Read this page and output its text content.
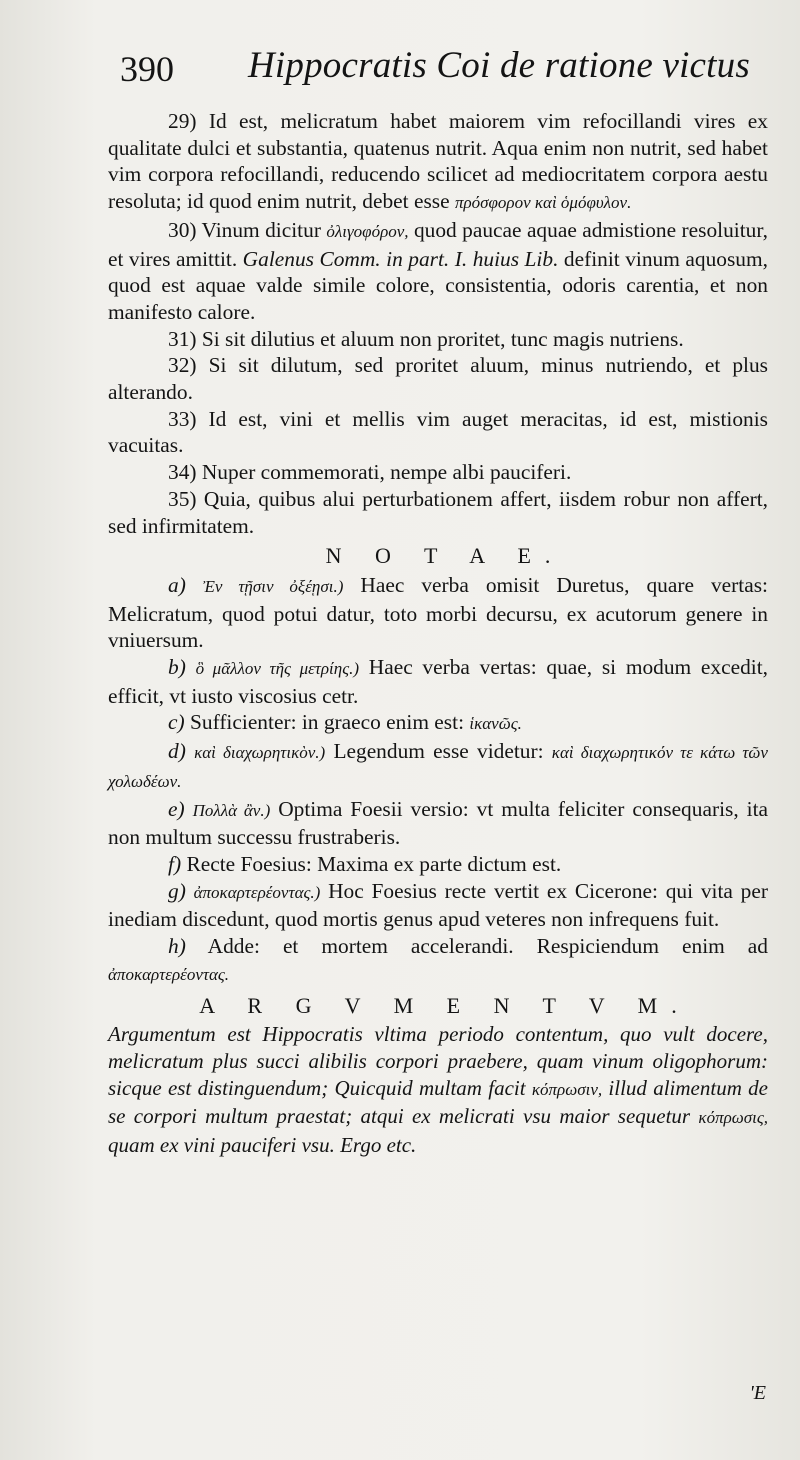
390 Hippocratis Coi de ratione victus

29) Id est, melicratum habet maiorem vim refocillandi vires ex qualitate dulci et substantia, quatenus nutrit. Aqua enim non nutrit, sed habet vim corpora refocillandi, reducendo scilicet ad mediocritatem corpora aestu resoluta; id quod enim nutrit, debet esse πρόσφορον καὶ ὁμόφυλον.

30) Vinum dicitur ὀλιγοφόρον, quod paucae aquae admistione resoluitur, et vires amittit. Galenus Comm. in part. I. huius Lib. definit vinum aquosum, quod est aquae valde simile colore, consistentia, odoris carentia, et non manifesto calore.

31) Si sit dilutius et aluum non proritet, tunc magis nutriens.

32) Si sit dilutum, sed proritet aluum, minus nutriendo, et plus alterando.

33) Id est, vini et mellis vim auget meracitas, id est, mistionis vacuitas.

34) Nuper commemorati, nempe albi pauciferi.

35) Quia, quibus alui perturbationem affert, iisdem robur non affert, sed infirmitatem.

N O T A E.

a) Ἐν τῇσιν ὀξέῃσι.) Haec verba omisit Duretus, quare vertas: Melicratum, quod potui datur, toto morbi decursu, ex acutorum genere in vniuersum.

b) ὃ μᾶλλον τῆς μετρίης.) Haec verba vertas: quae, si modum excedit, efficit, vt iusto viscosius cetr.

c) Sufficienter: in graeco enim est: ἱκανῶς.

d) καὶ διαχωρητικὸν.) Legendum esse videtur: καὶ διαχωρητικόν τε κάτω τῶν χολωδέων.

e) Πολλὰ ἂν.) Optima Foesii versio: vt multa feliciter consequaris, ita non multum successu frustraberis.

f) Recte Foesius: Maxima ex parte dictum est.

g) ἀποκαρτερέοντας.) Hoc Foesius recte vertit ex Cicerone: qui vita per inediam discedunt, quod mortis genus apud veteres non infrequens fuit.

h) Adde: et mortem accelerandi. Respiciendum enim ad ἀποκαρτερέοντας.

A R G V M E N T V M.

Argumentum est Hippocratis vltima periodo contentum, quo vult docere, melicratum plus succi alibilis corpori praebere, quam vinum oligophorum: sicque est distinguendum; Quicquid multam facit κόπρωσιν, illud alimentum de se corpori multum praestat; atqui ex melicrati vsu maior sequetur κόπρωσις, quam ex vini pauciferi vsu. Ergo etc.

'Ε
